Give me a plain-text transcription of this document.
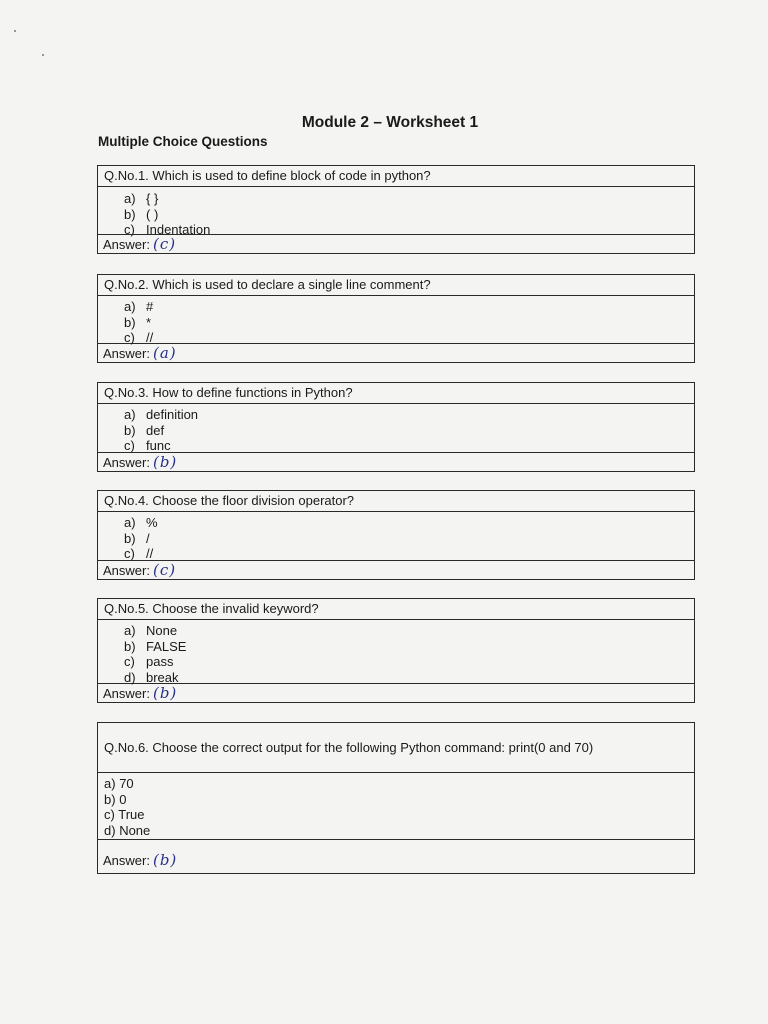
Module 2 – Worksheet 1
Multiple Choice Questions
Q.No.1. Which is used to define block of code in python?
a) { }
b) ( )
c) Indentation
Answer: (c)
Q.No.2. Which is used to declare a single line comment?
a) #
b) *
c) //
Answer: (a)
Q.No.3. How to define functions in Python?
a) definition
b) def
c) func
Answer: (b)
Q.No.4. Choose the floor division operator?
a) %
b) /
c) //
Answer: (c)
Q.No.5. Choose the invalid keyword?
a) None
b) FALSE
c) pass
d) break
Answer: (b)
Q.No.6. Choose the correct output for the following Python command: print(0 and 70)
a) 70
b) 0
c) True
d) None
Answer: (b)
